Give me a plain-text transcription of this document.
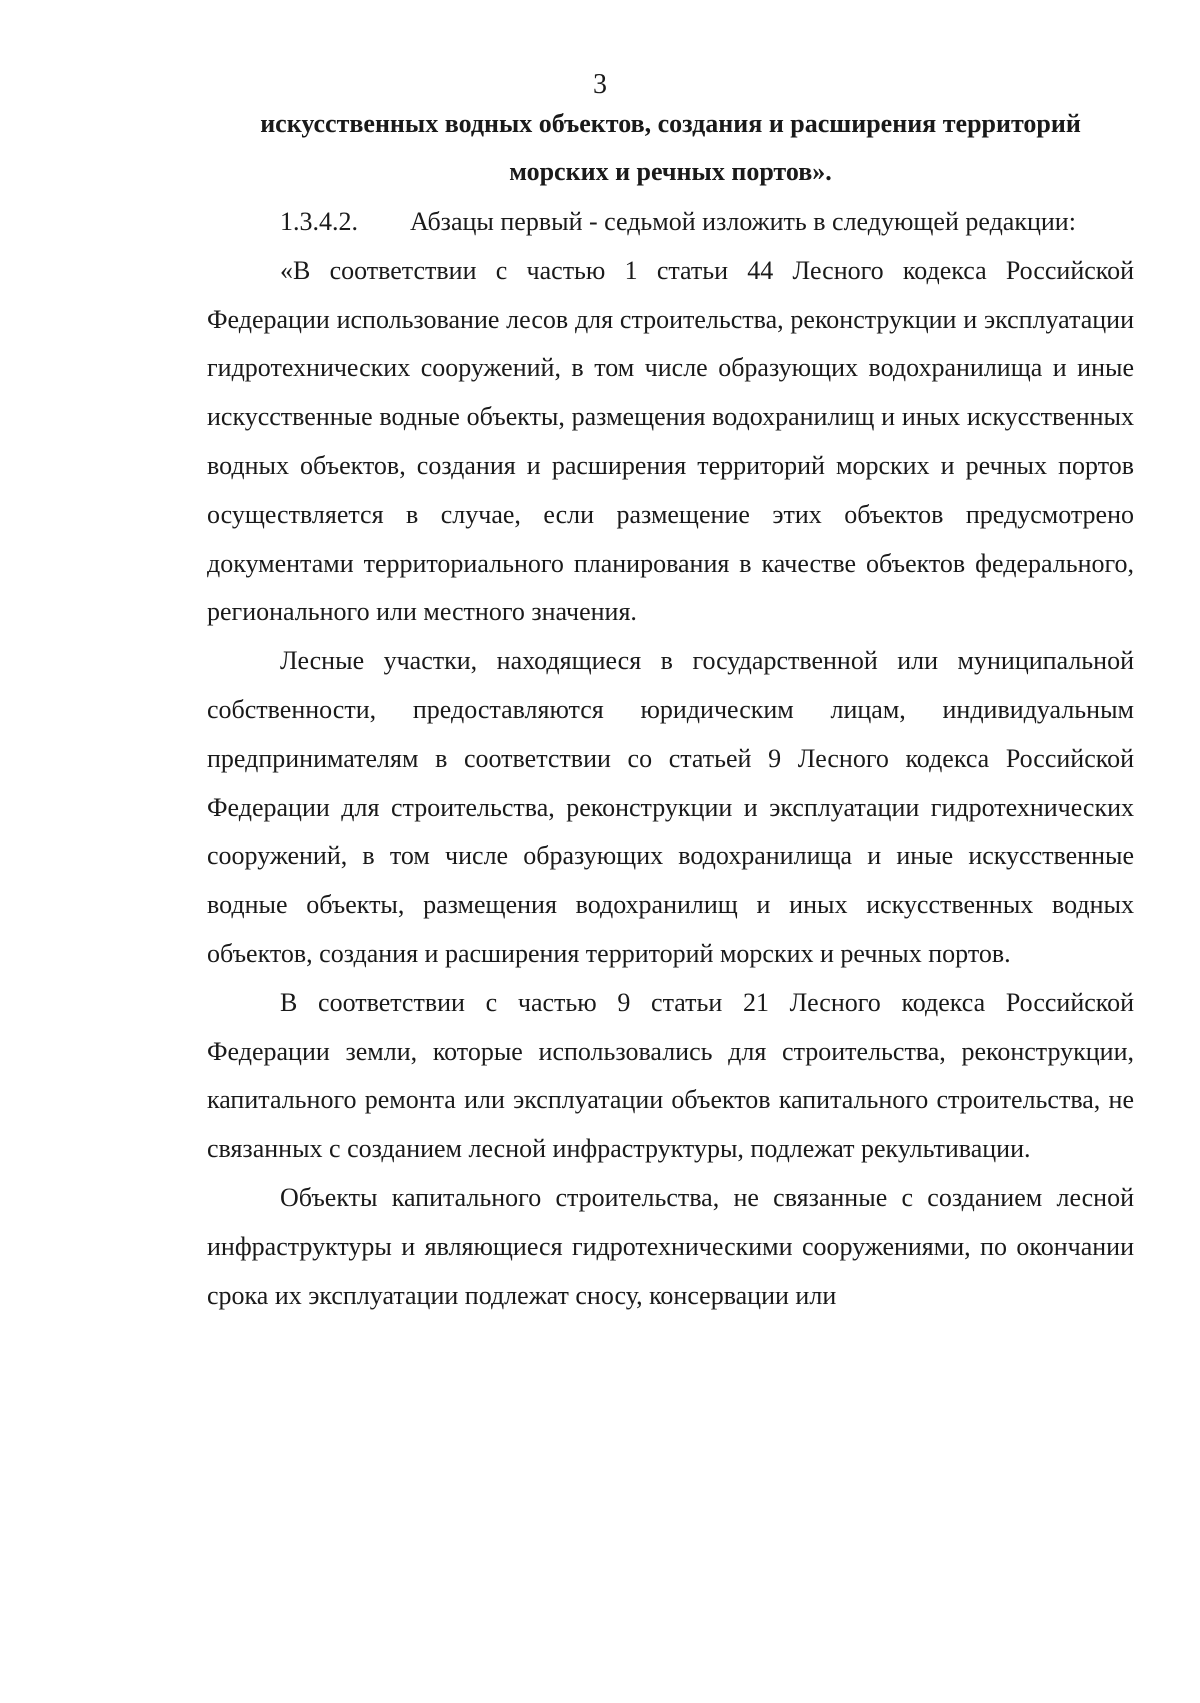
3
искусственных водных объектов, создания и расширения территорий
морских и речных портов».

1.3.4.2. Абзацы первый - седьмой изложить в следующей редакции:

«В соответствии с частью 1 статьи 44 Лесного кодекса Российской Федерации использование лесов для строительства, реконструкции и эксплуатации гидротехнических сооружений, в том числе образующих водохранилища и иные искусственные водные объекты, размещения водохранилищ и иных искусственных водных объектов, создания и расширения территорий морских и речных портов осуществляется в случае, если размещение этих объектов предусмотрено документами территориального планирования в качестве объектов федерального, регионального или местного значения.

Лесные участки, находящиеся в государственной или муниципальной собственности, предоставляются юридическим лицам, индивидуальным предпринимателям в соответствии со статьей 9 Лесного кодекса Российской Федерации для строительства, реконструкции и эксплуатации гидротехнических сооружений, в том числе образующих водохранилища и иные искусственные водные объекты, размещения водохранилищ и иных искусственных водных объектов, создания и расширения территорий морских и речных портов.

В соответствии с частью 9 статьи 21 Лесного кодекса Российской Федерации земли, которые использовались для строительства, реконструкции, капитального ремонта или эксплуатации объектов капитального строительства, не связанных с созданием лесной инфраструктуры, подлежат рекультивации.

Объекты капитального строительства, не связанные с созданием лесной инфраструктуры и являющиеся гидротехническими сооружениями, по окончании срока их эксплуатации подлежат сносу, консервации или
